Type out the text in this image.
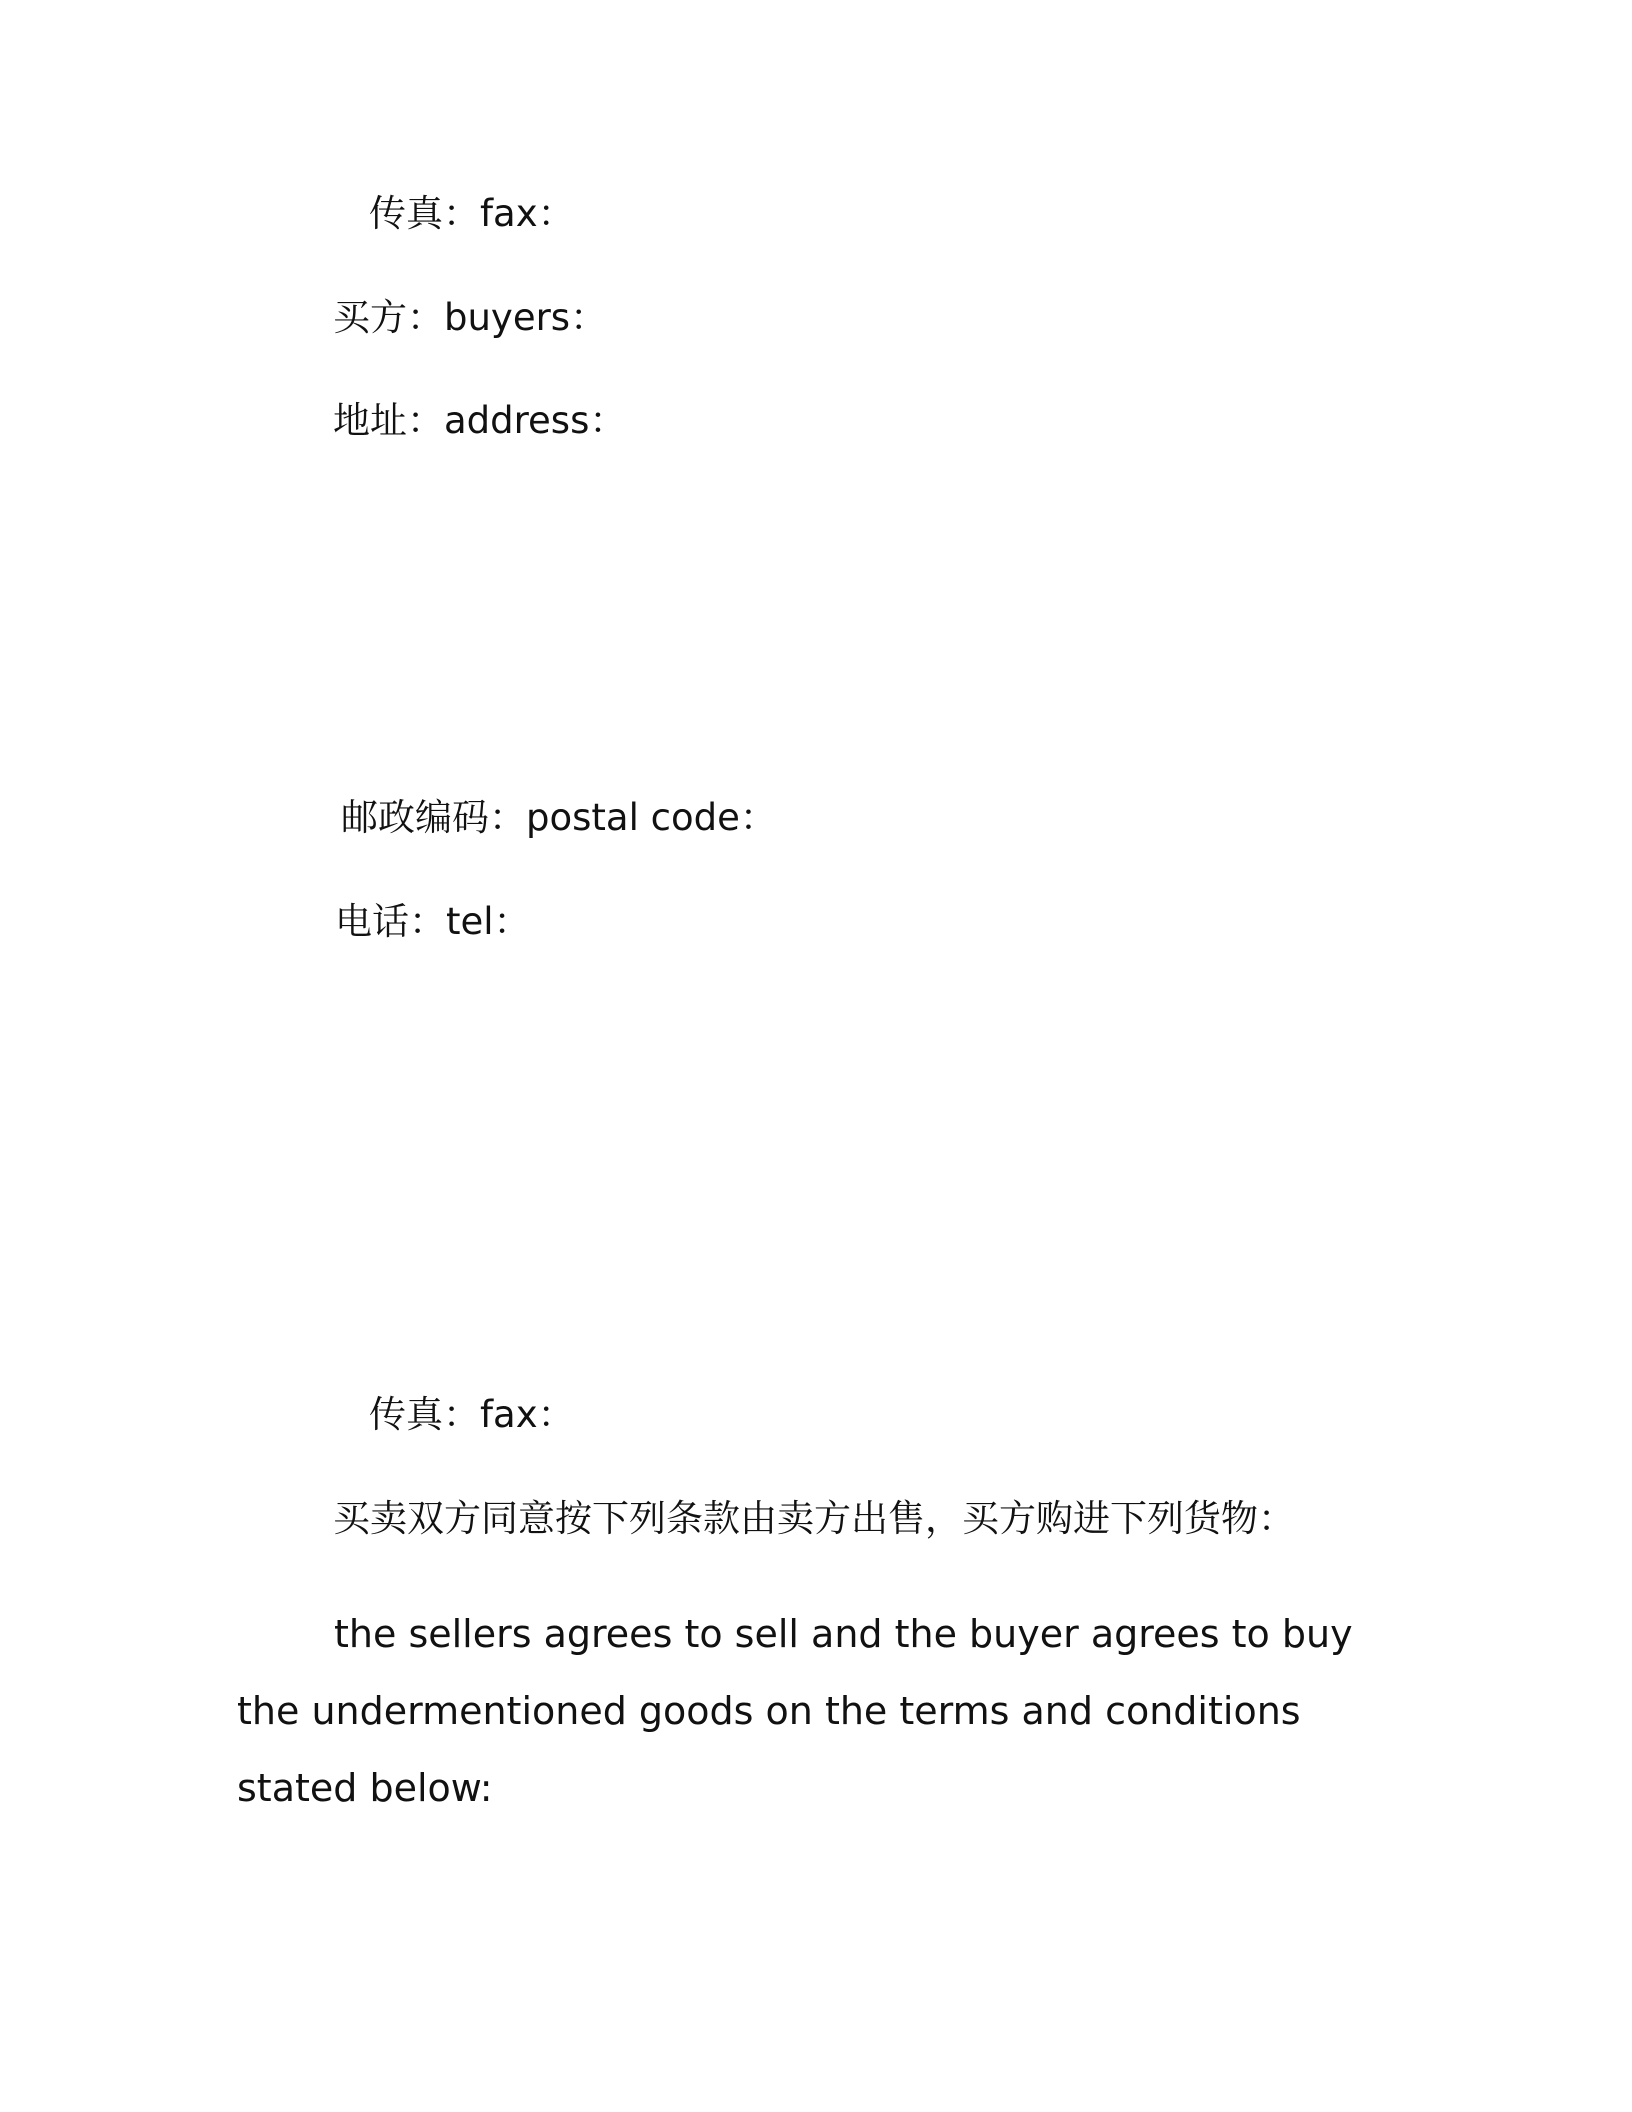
传真：fax：
买方：buyers：
地址：address：
邮政编码：postal code：
电话：tel：
传真：fax：
买卖双方同意按下列条款由卖方出售，买方购进下列货物：

the sellers agrees to sell and the buyer agrees to buy the undermentioned goods on the terms and conditions stated below:
